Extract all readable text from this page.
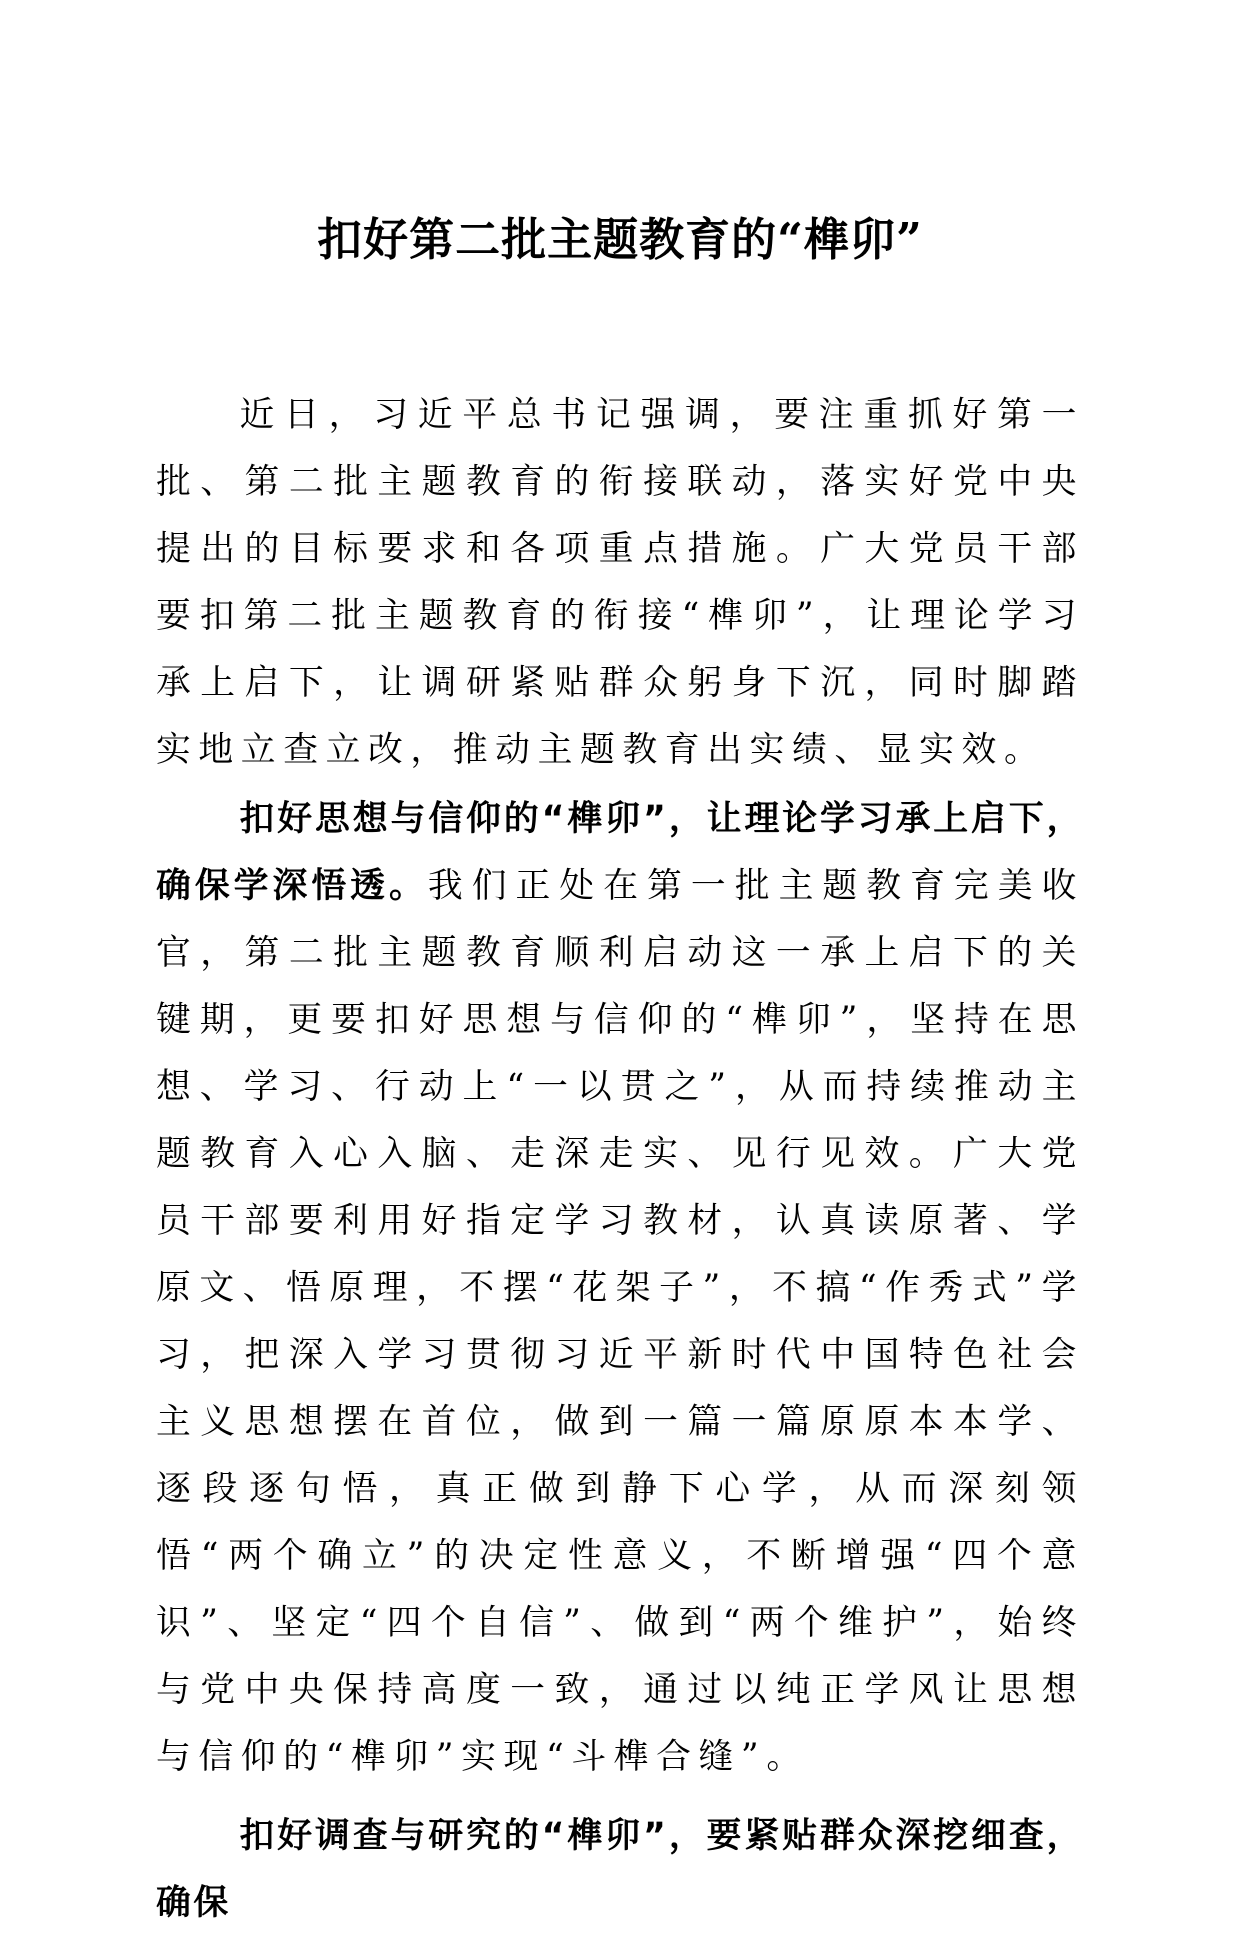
扣好第二批主题教育的“榫卯”

近日，习近平总书记强调，要注重抓好第一批、第二批主题教育的衔接联动，落实好党中央提出的目标要求和各项重点措施。广大党员干部要扣第二批主题教育的衔接“榫卯”，让理论学习承上启下，让调研紧贴群众躬身下沉，同时脚踏实地立查立改，推动主题教育出实绩、显实效。

扣好思想与信仰的“榫卯”，让理论学习承上启下，确保学深悟透。我们正处在第一批主题教育完美收官，第二批主题教育顺利启动这一承上启下的关键期，更要扣好思想与信仰的“榫卯”，坚持在思想、学习、行动上“一以贯之”，从而持续推动主题教育入心入脑、走深走实、见行见效。广大党员干部要利用好指定学习教材，认真读原著、学原文、悟原理，不摆“花架子”，不搞“作秀式”学习，把深入学习贯彻习近平新时代中国特色社会主义思想摆在首位，做到一篇一篇原原本本学、逐段逐句悟，真正做到静下心学，从而深刻领悟“两个确立”的决定性意义，不断增强“四个意识”、坚定“四个自信”、做到“两个维护”，始终与党中央保持高度一致，通过以纯正学风让思想与信仰的“榫卯”实现“斗榫合缝”。

扣好调查与研究的“榫卯”，要紧贴群众深挖细查，确保
